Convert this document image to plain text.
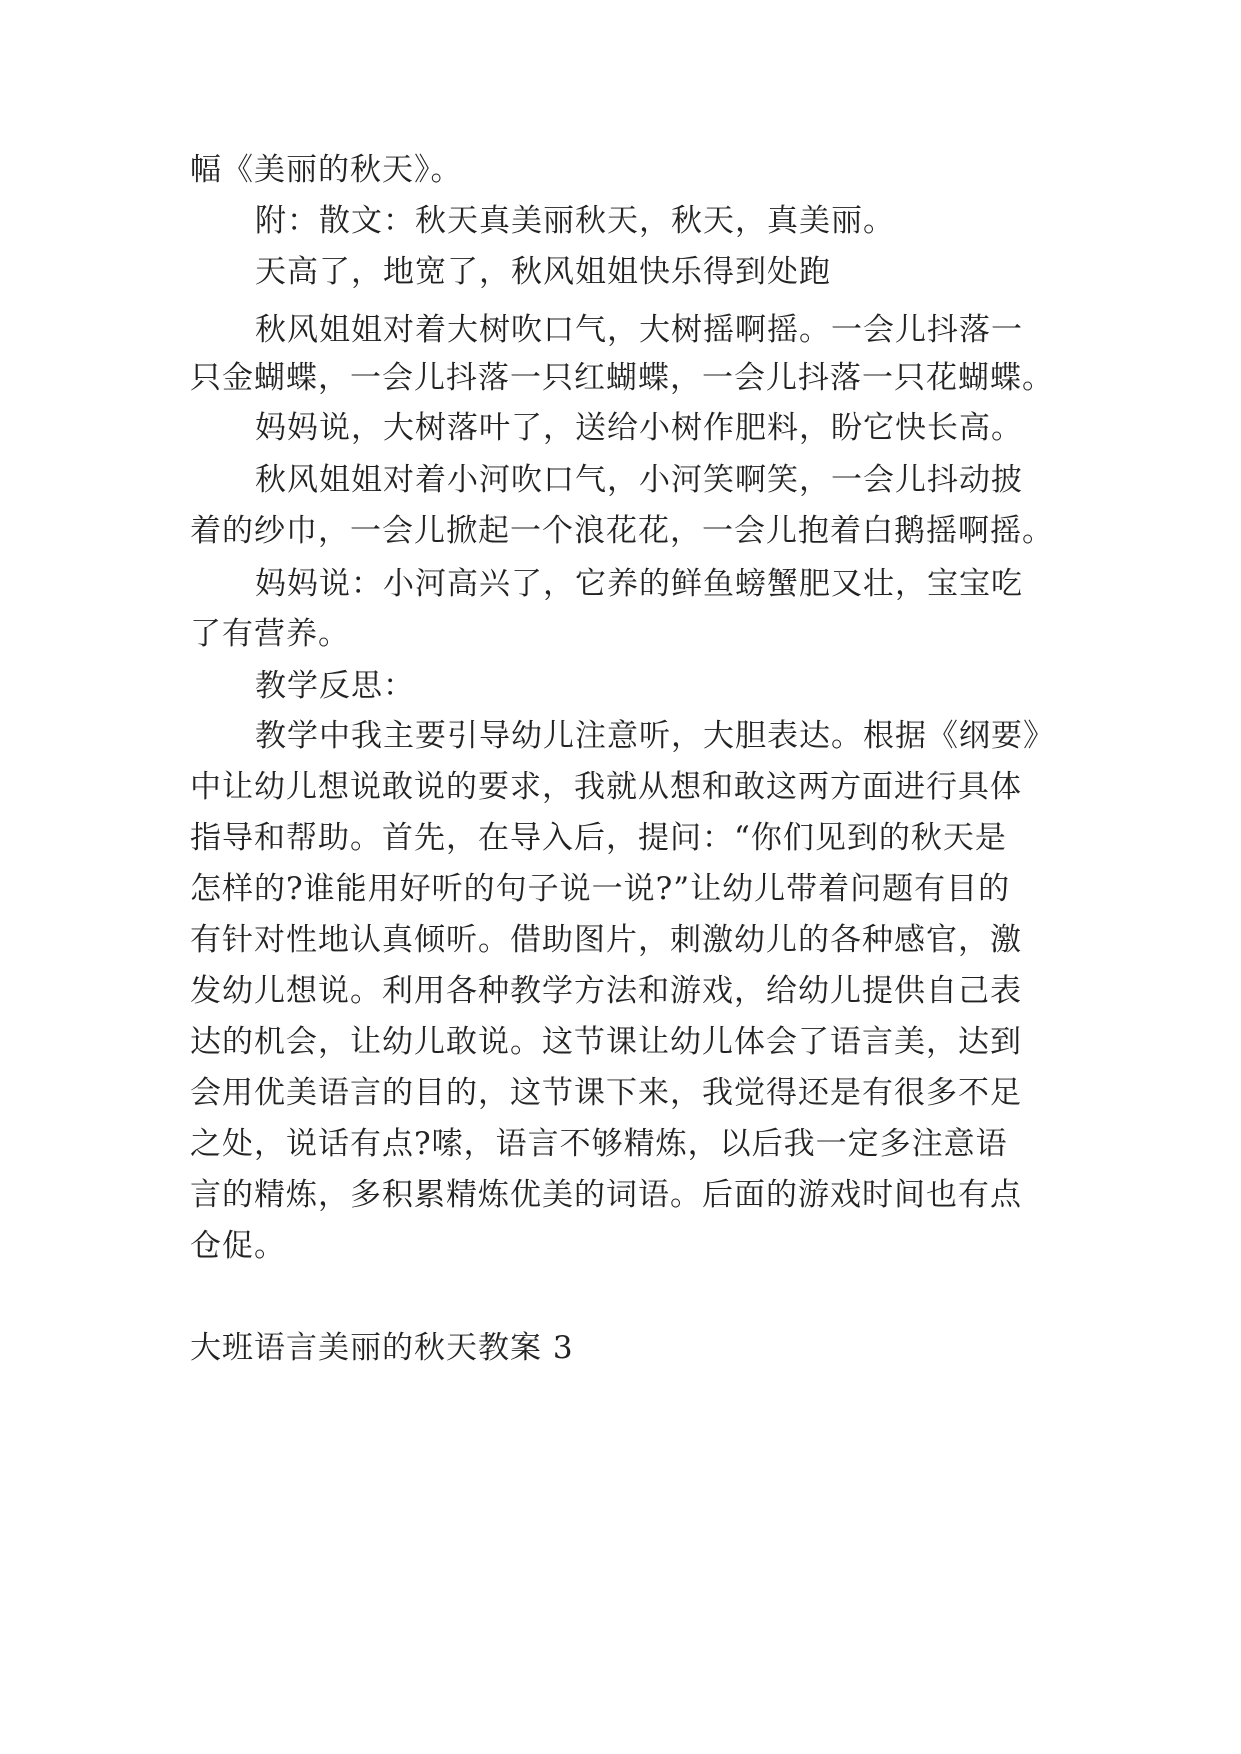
幅《美丽的秋天》。
附：散文：秋天真美丽秋天，秋天，真美丽。
天高了，地宽了，秋风姐姐快乐得到处跑
秋风姐姐对着大树吹口气，大树摇啊摇。一会儿抖落一
只金蝴蝶，一会儿抖落一只红蝴蝶，一会儿抖落一只花蝴蝶。
妈妈说，大树落叶了，送给小树作肥料，盼它快长高。
秋风姐姐对着小河吹口气，小河笑啊笑，一会儿抖动披
着的纱巾，一会儿掀起一个浪花花，一会儿抱着白鹅摇啊摇。
妈妈说：小河高兴了，它养的鲜鱼螃蟹肥又壮，宝宝吃
了有营养。
教学反思：
教学中我主要引导幼儿注意听，大胆表达。根据《纲要》
中让幼儿想说敢说的要求，我就从想和敢这两方面进行具体
指导和帮助。首先，在导入后，提问：“你们见到的秋天是
怎样的?谁能用好听的句子说一说?”让幼儿带着问题有目的
有针对性地认真倾听。借助图片，刺激幼儿的各种感官，激
发幼儿想说。利用各种教学方法和游戏，给幼儿提供自己表
达的机会，让幼儿敢说。这节课让幼儿体会了语言美，达到
会用优美语言的目的，这节课下来，我觉得还是有很多不足
之处，说话有点?嗦，语言不够精炼，以后我一定多注意语
言的精炼，多积累精炼优美的词语。后面的游戏时间也有点
仓促。
大班语言美丽的秋天教案 3
